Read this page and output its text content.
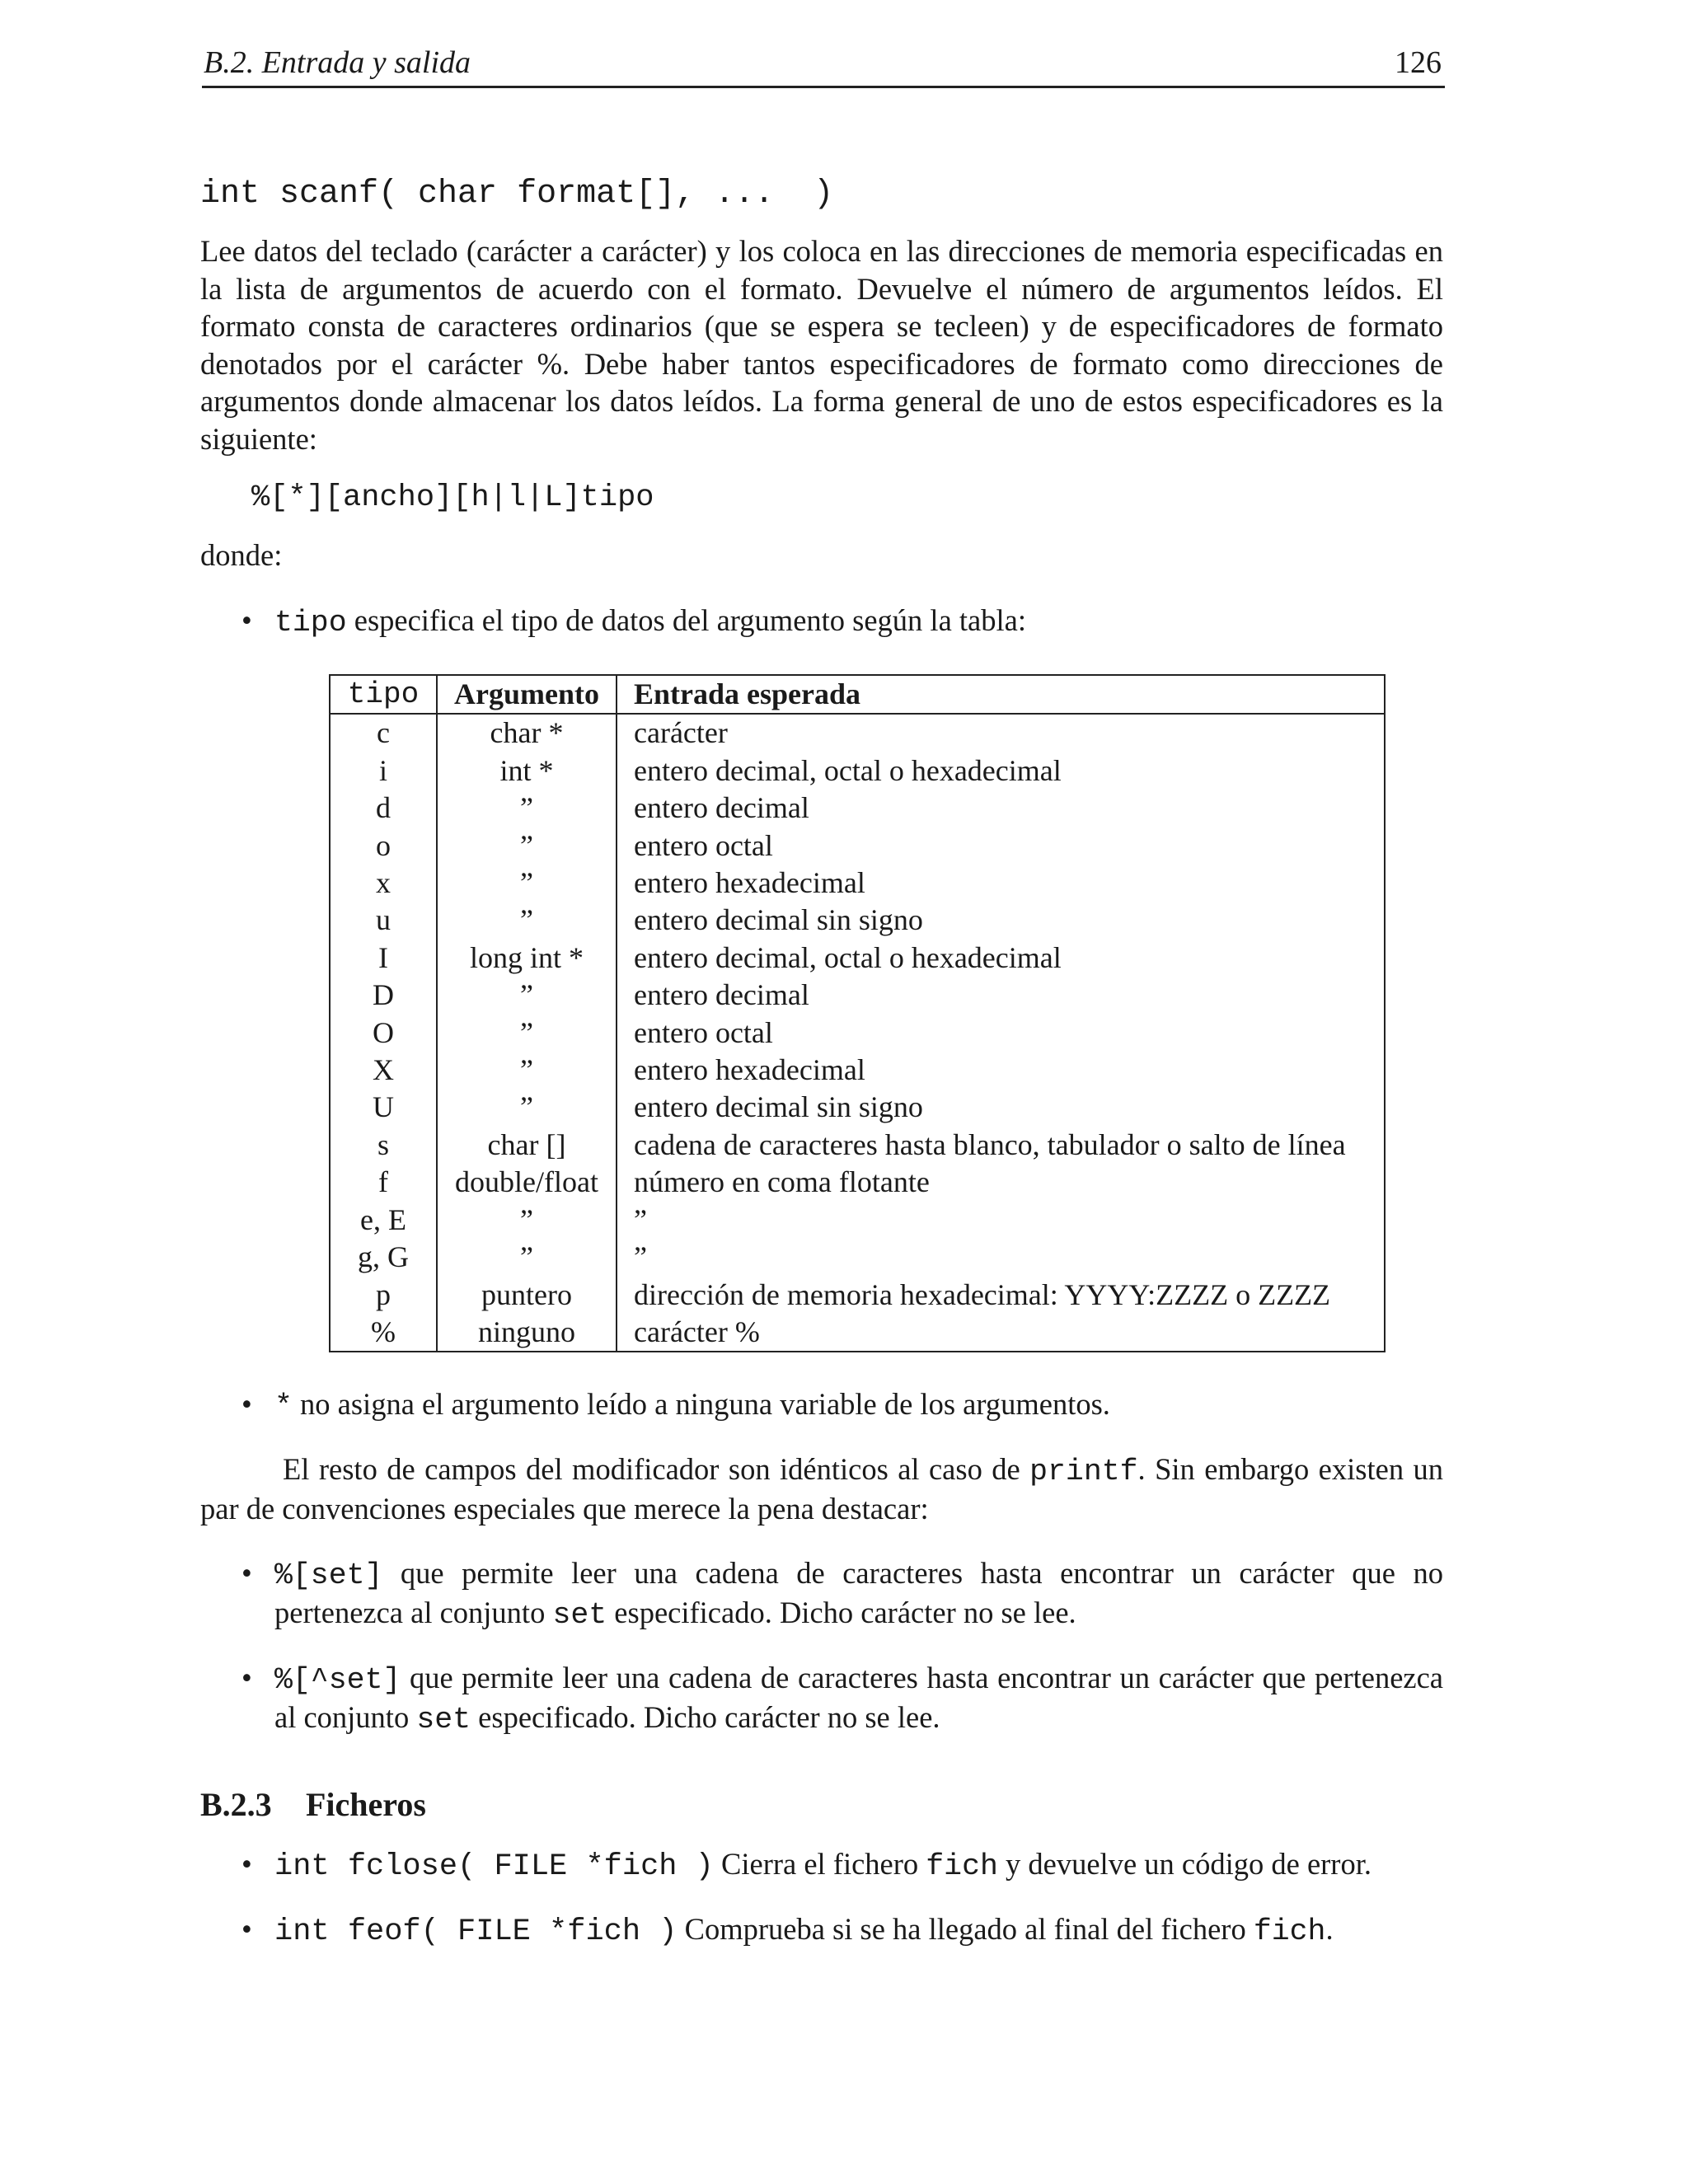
B.2. Entrada y salida	126

int scanf( char format[], ...  )

Lee datos del teclado (carácter a carácter) y los coloca en las direcciones de memoria especificadas en la lista de argumentos de acuerdo con el formato. Devuelve el número de argumentos leídos. El formato consta de caracteres ordinarios (que se espera se tecleen) y de especificadores de formato denotados por el carácter %. Debe haber tantos especificadores de formato como direcciones de argumentos donde almacenar los datos leídos. La forma general de uno de estos especificadores es la siguiente:

%[*][ancho][h|l|L]tipo

donde:

• tipo especifica el tipo de datos del argumento según la tabla:
tipo	Argumento	Entrada esperada
c	char *	carácter
i	int *	entero decimal, octal o hexadecimal
d	”	entero decimal
o	”	entero octal
x	”	entero hexadecimal
u	”	entero decimal sin signo
I	long int *	entero decimal, octal o hexadecimal
D	”	entero decimal
O	”	entero octal
X	”	entero hexadecimal
U	”	entero decimal sin signo
s	char []	cadena de caracteres hasta blanco, tabulador o salto de línea
f	double/float	número en coma flotante
e, E	”	”
g, G	”	”
p	puntero	dirección de memoria hexadecimal: YYYY:ZZZZ o ZZZZ
%	ninguno	carácter %
• * no asigna el argumento leído a ninguna variable de los argumentos.

El resto de campos del modificador son idénticos al caso de printf. Sin embargo existen un par de convenciones especiales que merece la pena destacar:

• %[set] que permite leer una cadena de caracteres hasta encontrar un carácter que no pertenezca al conjunto set especificado. Dicho carácter no se lee.
• %[^set] que permite leer una cadena de caracteres hasta encontrar un carácter que pertenezca al conjunto set especificado. Dicho carácter no se lee.
B.2.3 Ficheros
• int fclose( FILE *fich ) Cierra el fichero fich y devuelve un código de error.
• int feof( FILE *fich ) Comprueba si se ha llegado al final del fichero fich.
